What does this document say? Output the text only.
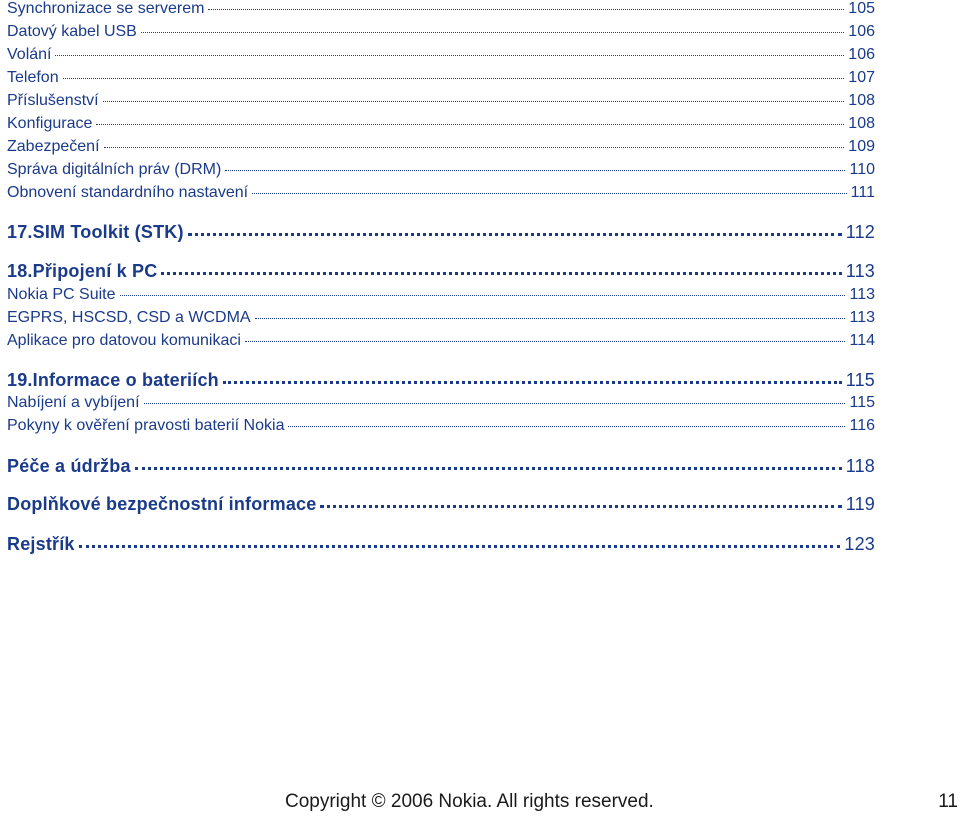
Synchronizace se serverem	105
Datový kabel USB	106
Volání	106
Telefon	107
Příslušenství	108
Konfigurace	108
Zabezpečení	109
Správa digitálních práv (DRM)	110
Obnovení standardního nastavení	111
17.SIM Toolkit (STK)	112
18.Připojení k PC	113
Nokia PC Suite	113
EGPRS, HSCSD, CSD a WCDMA	113
Aplikace pro datovou komunikaci	114
19.Informace o bateriích	115
Nabíjení a vybíjení	115
Pokyny k ověření pravosti baterií Nokia	116
Péče a údržba	118
Doplňkové bezpečnostní informace	119
Rejstřík	123
Copyright © 2006 Nokia. All rights reserved.	11
